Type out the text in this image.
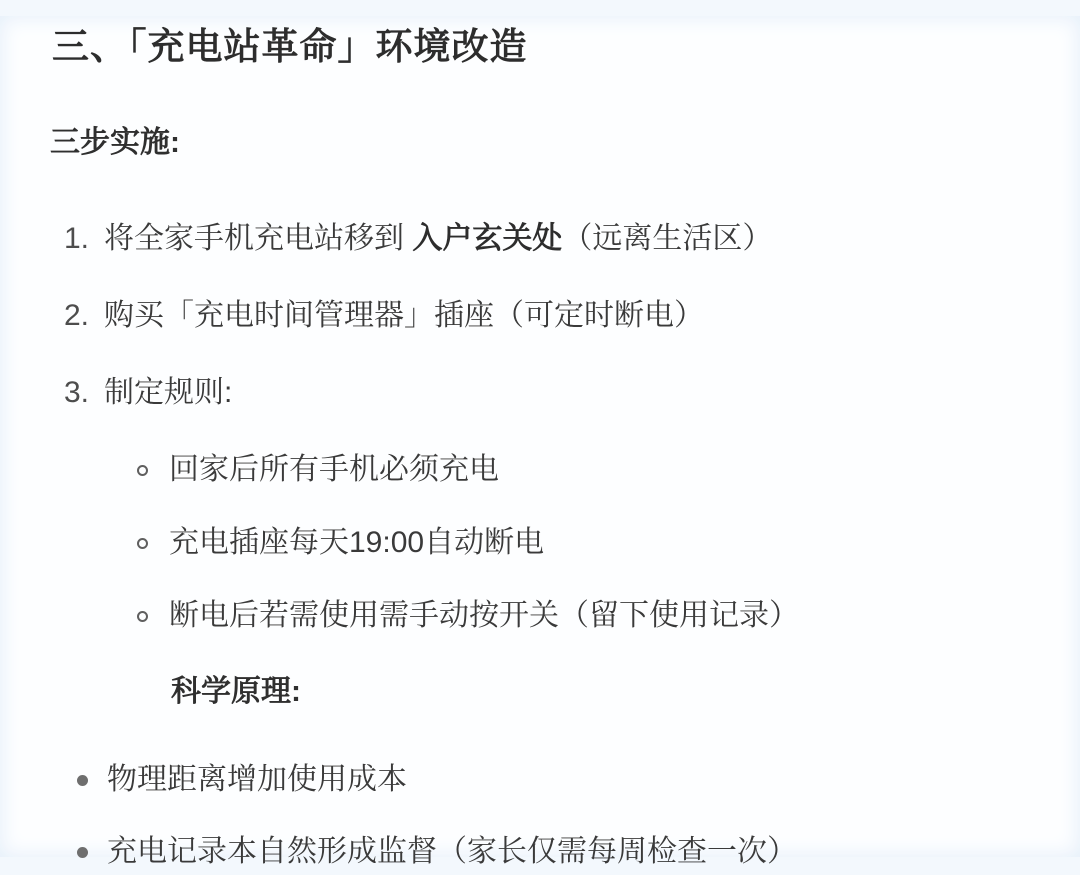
三、「充电站革命」环境改造
三步实施:
1. 将全家手机充电站移到 入户玄关处（远离生活区）
2. 购买「充电时间管理器」插座（可定时断电）
3. 制定规则:
回家后所有手机必须充电
充电插座每天19:00自动断电
断电后若需使用需手动按开关（留下使用记录）
科学原理:
物理距离增加使用成本
充电记录本自然形成监督（家长仅需每周检查一次）
